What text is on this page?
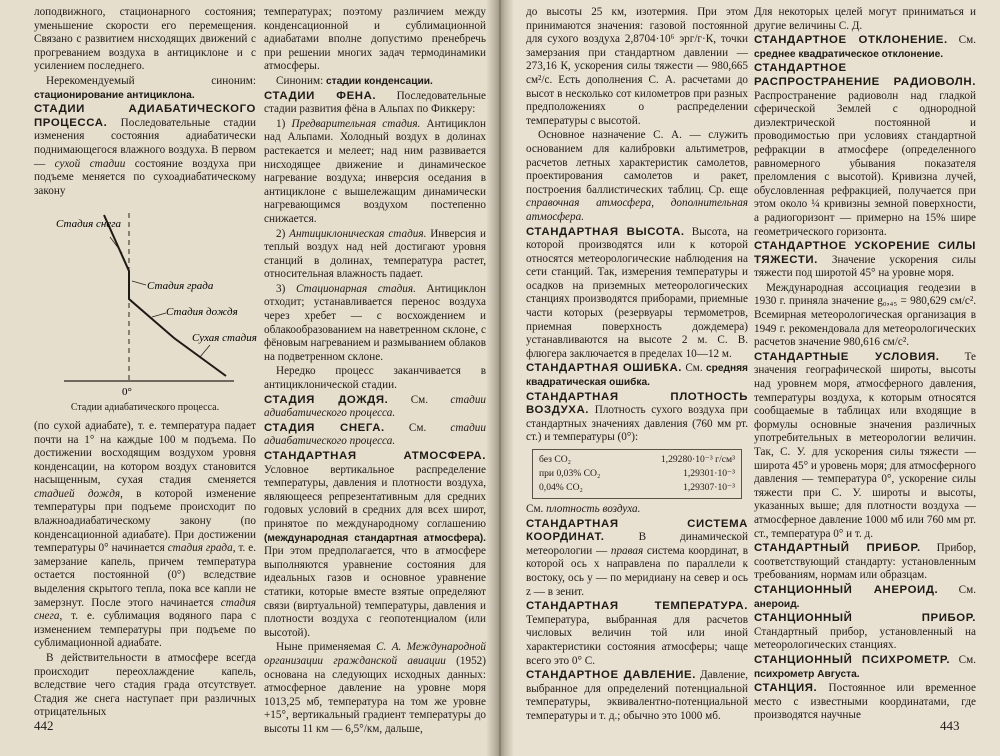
лоподвижного, стационарного состояния; уменьшение скорости его перемещения. Связано с развитием нисходящих движений с прогреванием воздуха в антициклоне и с усилением последнего.

Нерекомендуемый синоним: стационирование антициклона.

СТАДИИ АДИАБАТИЧЕСКОГО ПРОЦЕССА. Последовательные стадии изменения состояния адиабатически поднимающегося влажного воздуха. В первом — сухой стадии состояние воздуха при подъеме меняется по сухоадиабатическому закону

Стадия снега
Стадия града
Стадия дождя
Сухая стадия
0°

Стадии адиабатического процесса.

(по сухой адиабате), т. е. температура падает почти на 1° на каждые 100 м подъема. По достижении восходящим воздухом уровня конденсации, на котором воздух становится насыщенным, сухая стадия сменяется стадией дождя, в которой изменение температуры при подъеме происходит по влажноадиабатическому закону (по конденсационной адиабате). При достижении температуры 0° начинается стадия града, т. е. замерзание капель, причем температура остается постоянной (0°) вследствие выделения скрытого тепла, пока все капли не замерзнут. После этого начинается стадия снега, т. е. сублимация водяного пара с изменением температуры при подъеме по сублимационной адиабате.

В действительности в атмосфере всегда происходит переохлаждение капель, вследствие чего стадия града отсутствует. Стадия же снега наступает при различных отрицательных

температурах; поэтому различием между конденсационной и сублимационной адиабатами вполне допустимо пренебречь при решении многих задач термодинамики атмосферы.

Синоним: стадии конденсации.

СТАДИИ ФЕНА. Последовательные стадии развития фёна в Альпах по Фиккеру:

1) Предварительная стадия. Антициклон над Альпами. Холодный воздух в долинах растекается и мелеет; над ним развивается нисходящее движение и динамическое нагревание воздуха; инверсия оседания в антициклоне с вышележащим динамически нагревающимся воздухом постепенно снижается.

2) Антициклоническая стадия. Инверсия и теплый воздух над ней достигают уровня станций в долинах, температура растет, относительная влажность падает.

3) Стационарная стадия. Антициклон отходит; устанавливается перенос воздуха через хребет — с восхождением и облакообразованием на наветренном склоне, с фёновым нагреванием и размыванием облаков на подветренном склоне.

Нередко процесс заканчивается в антициклонической стадии.

СТАДИЯ ДОЖДЯ. См. стадии адиабатического процесса.

СТАДИЯ СНЕГА. См. стадии адиабатического процесса.

СТАНДАРТНАЯ АТМОСФЕРА. Условное вертикальное распределение температуры, давления и плотности воздуха, являющееся репрезентативным для средних годовых условий в средних для всех широт, принятое по международному соглашению (международная стандартная атмосфера). При этом предполагается, что в атмосфере выполняются уравнение состояния для идеальных газов и основное уравнение статики, которые вместе взятые определяют связи (виртуальной) температуры, давления и плотности воздуха с геопотенциалом (или высотой).

Ныне применяемая С. А. Международной организации гражданской авиации (1952) основана на следующих исходных данных: атмосферное давление на уровне моря 1013,25 мб, температура на том же уровне +15°, вертикальный градиент температуры до высоты 11 км — 6,5°/км, дальше,

442

до высоты 25 км, изотермия. При этом принимаются значения: газовой постоянной для сухого воздуха 2,8704·10⁶ эрг/г·К, точки замерзания при стандартном давлении — 273,16 К, ускорения силы тяжести — 980,665 см²/с. Есть дополнения С. А. расчетами до высот в несколько сот километров при разных предположениях о распределении температуры с высотой.

Основное назначение С. А. — служить основанием для калибровки альтиметров, расчетов летных характеристик самолетов, проектирования самолетов и ракет, построения баллистических таблиц. Ср. еще справочная атмосфера, дополнительная атмосфера.

СТАНДАРТНАЯ ВЫСОТА. Высота, на которой производятся или к которой относятся метеорологические наблюдения на сети станций. Так, измерения температуры и осадков на приземных метеорологических станциях производятся приборами, приемные части которых (резервуары термометров, приемная поверхность дождемера) устанавливаются на высоте 2 м. С. В. флюгера заключается в пределах 10—12 м.

СТАНДАРТНАЯ ОШИБКА. См. средняя квадратическая ошибка.

СТАНДАРТНАЯ ПЛОТНОСТЬ ВОЗДУХА. Плотность сухого воздуха при стандартных значениях давления (760 мм рт. ст.) и температуры (0°):

без CO₂	1,29280·10⁻³ г/см³
при 0,03% CO₂	1,29301·10⁻³
0,04% CO₂	1,29307·10⁻³

См. плотность воздуха.

СТАНДАРТНАЯ СИСТЕМА КООРДИНАТ. В динамической метеорологии — правая система координат, в которой ось x направлена по параллели к востоку, ось y — по меридиану на север и ось z — в зенит.

СТАНДАРТНАЯ ТЕМПЕРАТУРА. Температура, выбранная для расчетов числовых величин той или иной характеристики состояния атмосферы; чаще всего это 0° С.

СТАНДАРТНОЕ ДАВЛЕНИЕ. Давление, выбранное для определений потенциальной температуры, эквивалентно-потенциальной температуры и т. д.; обычно это 1000 мб.

Для некоторых целей могут приниматься и другие величины С. Д.

СТАНДАРТНОЕ ОТКЛОНЕНИЕ. См. среднее квадратическое отклонение.

СТАНДАРТНОЕ РАСПРОСТРАНЕНИЕ РАДИОВОЛН. Распространение радиоволн над гладкой сферической Землей с однородной диэлектрической постоянной и проводимостью при условиях стандартной рефракции в атмосфере (определенного равномерного убывания показателя преломления с высотой). Кривизна лучей, обусловленная рефракцией, получается при этом около ¼ кривизны земной поверхности, а радиогоризонт — примерно на 15% шире геометрического горизонта.

СТАНДАРТНОЕ УСКОРЕНИЕ СИЛЫ ТЯЖЕСТИ. Значение ускорения силы тяжести под широтой 45° на уровне моря.

Международная ассоциация геодезии в 1930 г. приняла значение g₀,₄₅ = 980,629 см/с². Всемирная метеорологическая организация в 1949 г. рекомендовала для метеорологических расчетов значение 980,616 см/с².

СТАНДАРТНЫЕ УСЛОВИЯ. Те значения географической широты, высоты над уровнем моря, атмосферного давления, температуры воздуха, к которым относятся сообщаемые в таблицах или входящие в формулы основные значения различных употребительных в метеорологии величин. Так, С. У. для ускорения силы тяжести — широта 45° и уровень моря; для атмосферного давления — температура 0°, ускорение силы тяжести при С. У. широты и высоты, указанных выше; для плотности воздуха — атмосферное давление 1000 мб или 760 мм рт. ст., температура 0° и т. д.

СТАНДАРТНЫЙ ПРИБОР. Прибор, соответствующий стандарту: установленным требованиям, нормам или образцам.

СТАНЦИОННЫЙ АНЕРОИД. См. анероид.

СТАНЦИОННЫЙ ПРИБОР. Стандартный прибор, установленный на метеорологических станциях.

СТАНЦИОННЫЙ ПСИХРОМЕТР. См. психрометр Августа.

СТАНЦИЯ. Постоянное или временное место с известными координатами, где производятся научные

443
